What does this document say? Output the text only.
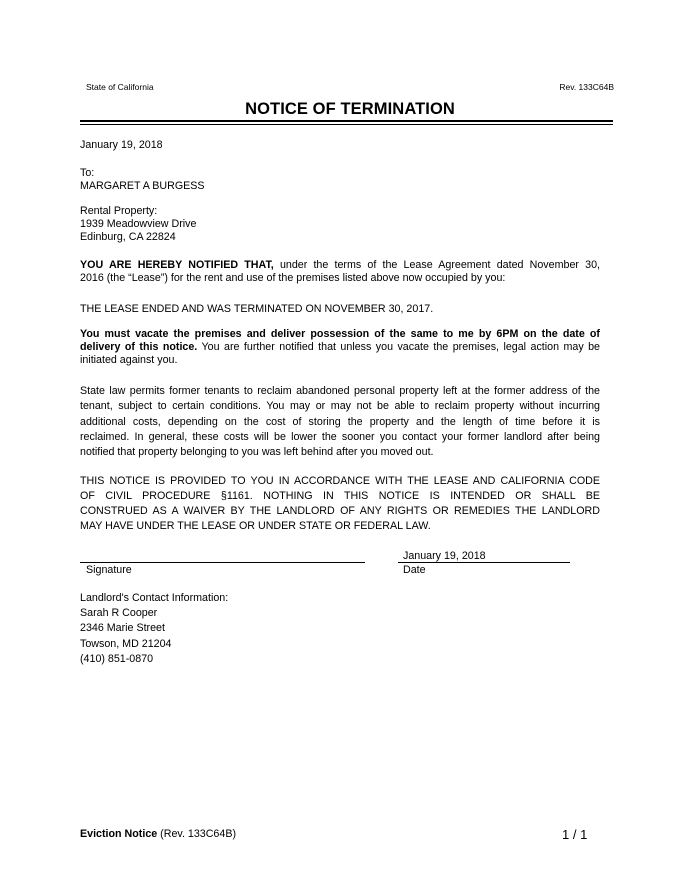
State of California	Rev. 133C64B
NOTICE OF TERMINATION
January 19, 2018
To:
MARGARET A BURGESS
Rental Property:
1939 Meadowview Drive
Edinburg, CA 22824
YOU ARE HEREBY NOTIFIED THAT, under the terms of the Lease Agreement dated November 30,
2016 (the “Lease”) for the rent and use of the premises listed above now occupied by you:
THE LEASE ENDED AND WAS TERMINATED ON NOVEMBER 30, 2017.
You must vacate the premises and deliver possession of the same to me by 6PM on the date of
delivery of this notice. You are further notified that unless you vacate the premises, legal action may be
initiated against you.
State law permits former tenants to reclaim abandoned personal property left at the former address of the
tenant, subject to certain conditions. You may or may not be able to reclaim property without incurring
additional costs, depending on the cost of storing the property and the length of time before it is
reclaimed. In general, these costs will be lower the sooner you contact your former landlord after being
notified that property belonging to you was left behind after you moved out.
THIS NOTICE IS PROVIDED TO YOU IN ACCORDANCE WITH THE LEASE AND CALIFORNIA CODE
OF CIVIL PROCEDURE §1161. NOTHING IN THIS NOTICE IS INTENDED OR SHALL BE
CONSTRUED AS A WAIVER BY THE LANDLORD OF ANY RIGHTS OR REMEDIES THE LANDLORD
MAY HAVE UNDER THE LEASE OR UNDER STATE OR FEDERAL LAW.
January 19, 2018
Signature	Date
Landlord's Contact Information:
Sarah R Cooper
2346 Marie Street
Towson, MD 21204
(410) 851-0870
Eviction Notice (Rev. 133C64B)	1 / 1
